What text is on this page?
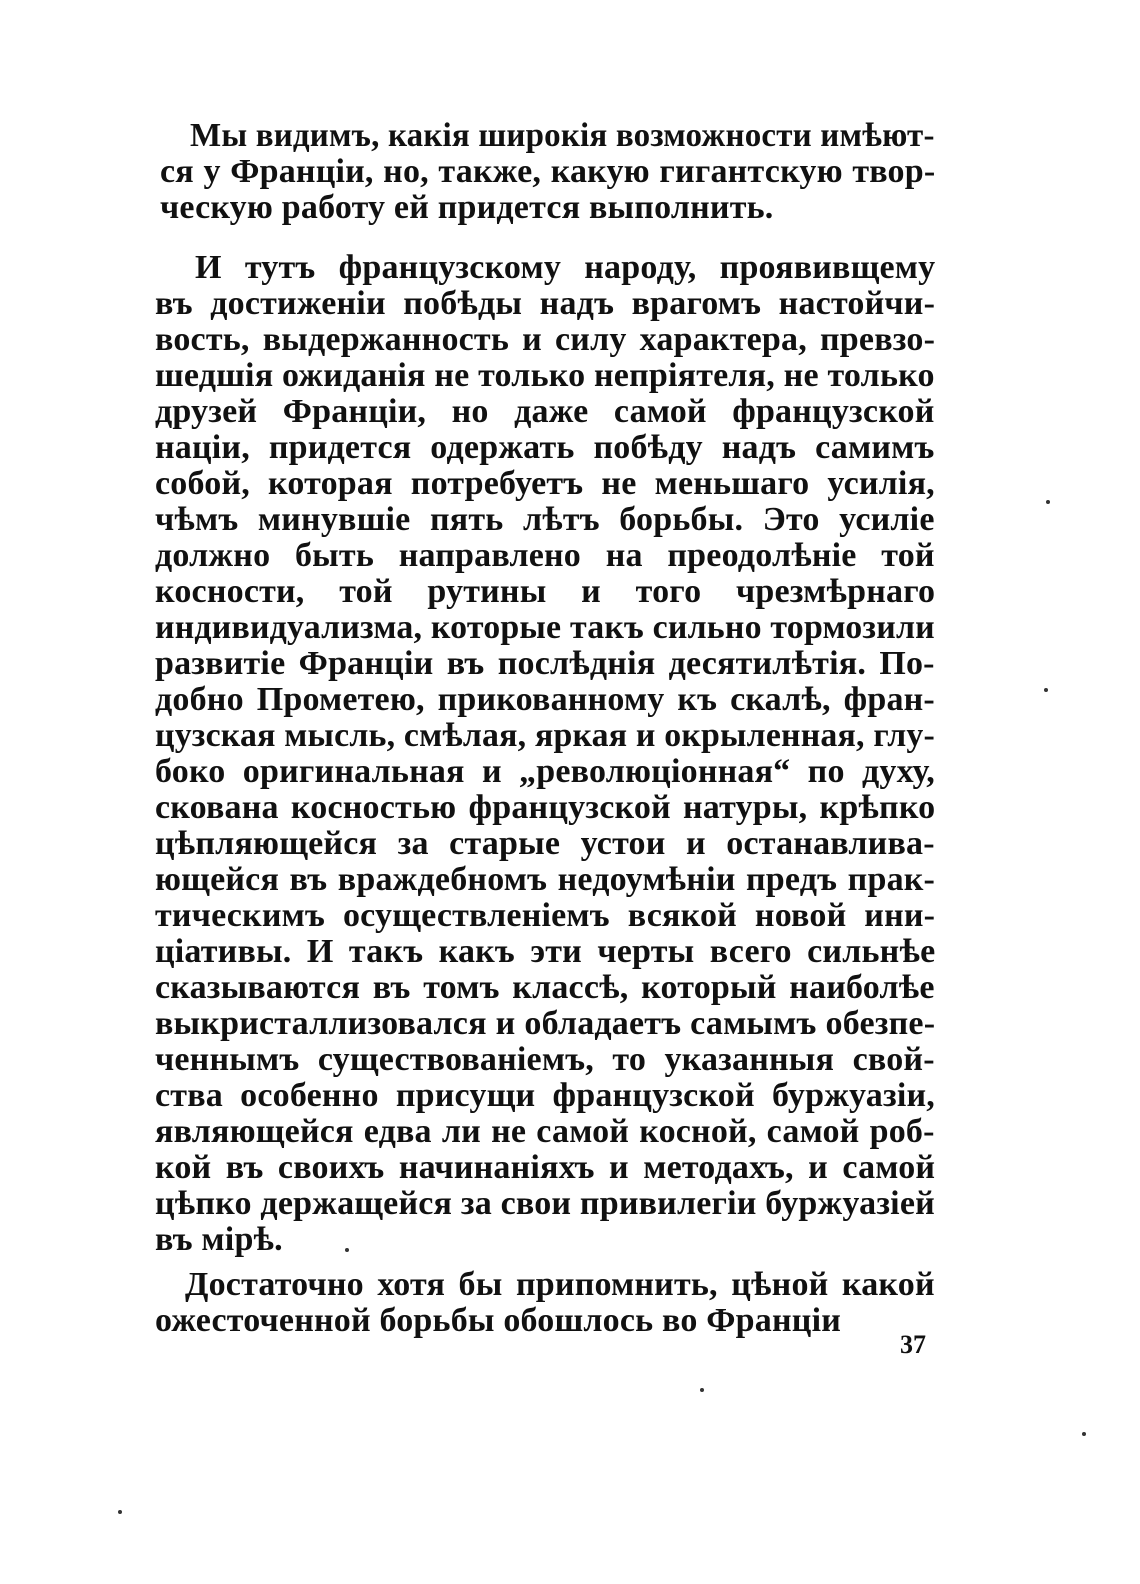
Мы видимъ, какія широкія возможности имѣют-
ся у Франціи, но, также, какую гигантскую твор-
ческую работу ей придется выполнить.
И тутъ французскому народу, проявивщему
въ достиженіи побѣды надъ врагомъ настойчи-
вость, выдержанность и силу характера, превзо-
шедшія ожиданія не только непріятеля, не только
друзей Франціи, но даже самой французской
націи, придется одержать побѣду надъ самимъ
собой, которая потребуетъ не меньшаго усилія,
чѣмъ минувшіе пять лѣтъ борьбы. Это усиліе
должно быть направлено на преодолѣніе той
косности, той рутины и того чрезмѣрнаго
индивидуализма, которые такъ сильно тормозили
развитіе Франціи въ послѣднія десятилѣтія. По-
добно Прометею, прикованному къ скалѣ, фран-
цузская мысль, смѣлая, яркая и окрыленная, глу-
боко оригинальная и „революціонная“ по духу,
скована косностью французской натуры, крѣпко
цѣпляющейся за старые устои и останавлива-
ющейся въ враждебномъ недоумѣніи предъ прак-
тическимъ осуществленіемъ всякой новой ини-
ціативы. И такъ какъ эти черты всего сильнѣе
сказываются въ томъ классѣ, который наиболѣе
выкристаллизовался и обладаетъ самымъ обезпе-
ченнымъ существованіемъ, то указанныя свой-
ства особенно присущи французской буржуазіи,
являющейся едва ли не самой косной, самой роб-
кой въ своихъ начинаніяхъ и методахъ, и самой
цѣпко держащейся за свои привилегіи буржуазіей
въ мірѣ.
Достаточно хотя бы припомнить, цѣной какой
ожесточенной борьбы обошлось во Франціи
37
